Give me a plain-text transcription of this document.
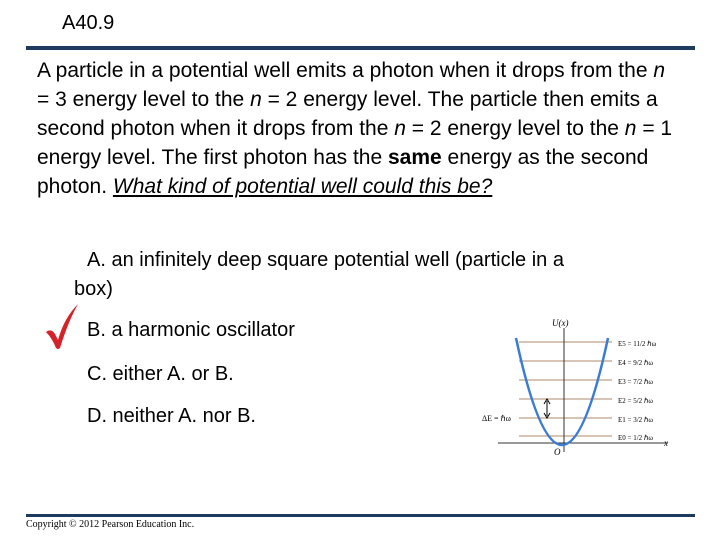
A40.9

A particle in a potential well emits a photon when it drops from the n = 3 energy level to the n = 2 energy level. The particle then emits a second photon when it drops from the n = 2 energy level to the n = 1 energy level. The first photon has the same energy as the second photon. What kind of potential well could this be?

A. an infinitely deep square potential well (particle in a
box)

B. a harmonic oscillator

C. either A. or B.

D. neither A. nor B.

U(x)
x
O
ΔE = ℏω
E5 = 11/2 ℏω
E4 = 9/2 ℏω
E3 = 7/2 ℏω
E2 = 5/2 ℏω
E1 = 3/2 ℏω
E0 = 1/2 ℏω
Copyright © 2012 Pearson Education Inc.
